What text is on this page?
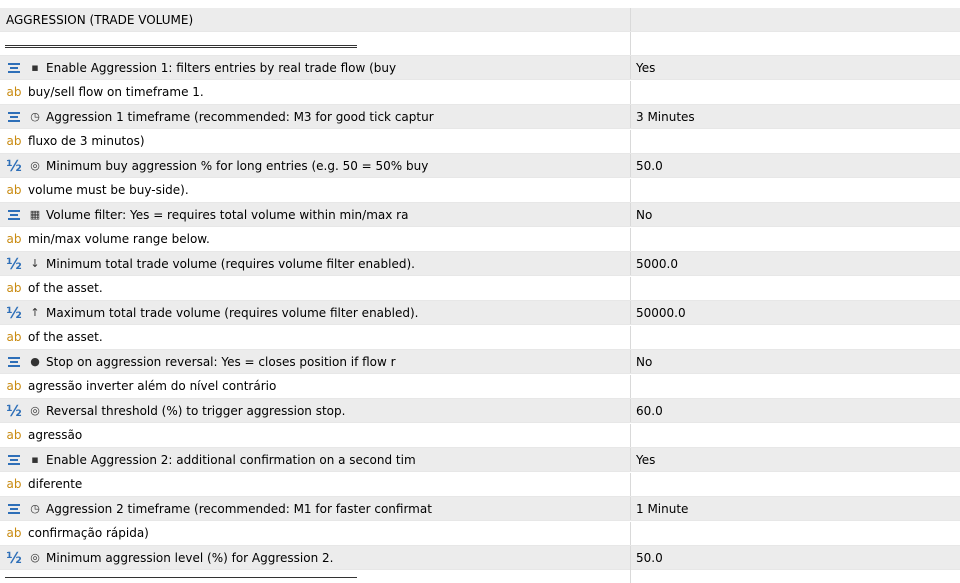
AGGRESSION (TRADE VOLUME)
▪ Enable Aggression 1: filters entries by real trade flow (buy	Yes
ab buy/sell flow on timeframe 1.
◷ Aggression 1 timeframe (recommended: M3 for good tick captur	3 Minutes
ab fluxo de 3 minutos)
½ ◎ Minimum buy aggression % for long entries (e.g. 50 = 50% buy	50.0
ab volume must be buy-side).
▦ Volume filter: Yes = requires total volume within min/max ra	No
ab min/max volume range below.
½ ↓ Minimum total trade volume (requires volume filter enabled).	5000.0
ab of the asset.
½ ↑ Maximum total trade volume (requires volume filter enabled).	50000.0
ab of the asset.
● Stop on aggression reversal: Yes = closes position if flow r	No
ab agressão inverter além do nível contrário
½ ◎ Reversal threshold (%) to trigger aggression stop.	60.0
ab agressão
▪ Enable Aggression 2: additional confirmation on a second tim	Yes
ab diferente
◷ Aggression 2 timeframe (recommended: M1 for faster confirmat	1 Minute
ab confirmação rápida)
½ ◎ Minimum aggression level (%) for Aggression 2.	50.0
